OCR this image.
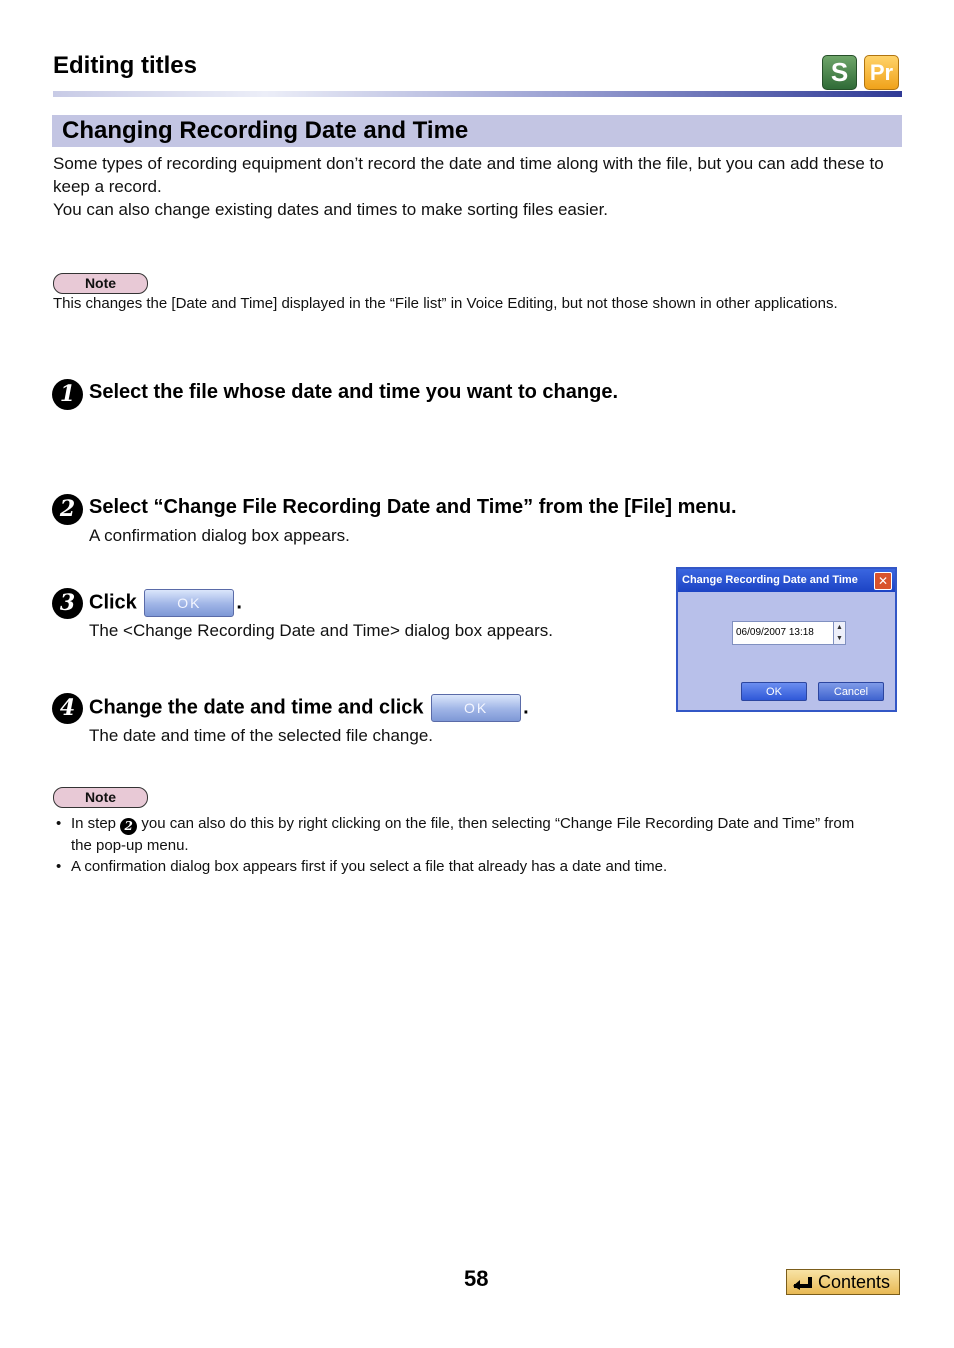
Editing titles	S Pr
Changing Recording Date and Time
Some types of recording equipment don’t record the date and time along with the file, but you can add these to keep a record.
You can also change existing dates and times to make sorting files easier.
Note
This changes the [Date and Time] displayed in the “File list” in Voice Editing, but not those shown in other applications.
1 Select the file whose date and time you want to change.
2 Select “Change File Recording Date and Time” from the [File] menu.
A confirmation dialog box appears.
3 Click	OK .
The <Change Recording Date and Time> dialog box appears.
4 Change the date and time and click	OK .
The date and time of the selected file change.
Change Recording Date and Time	✕
06/09/2007 13:18	▲
▼
OK	Cancel
Note
• In step 2 you can also do this by right clicking on the file, then selecting “Change File Recording Date and Time” from the pop-up menu.
• A confirmation dialog box appears first if you select a file that already has a date and time.
58	Contents
